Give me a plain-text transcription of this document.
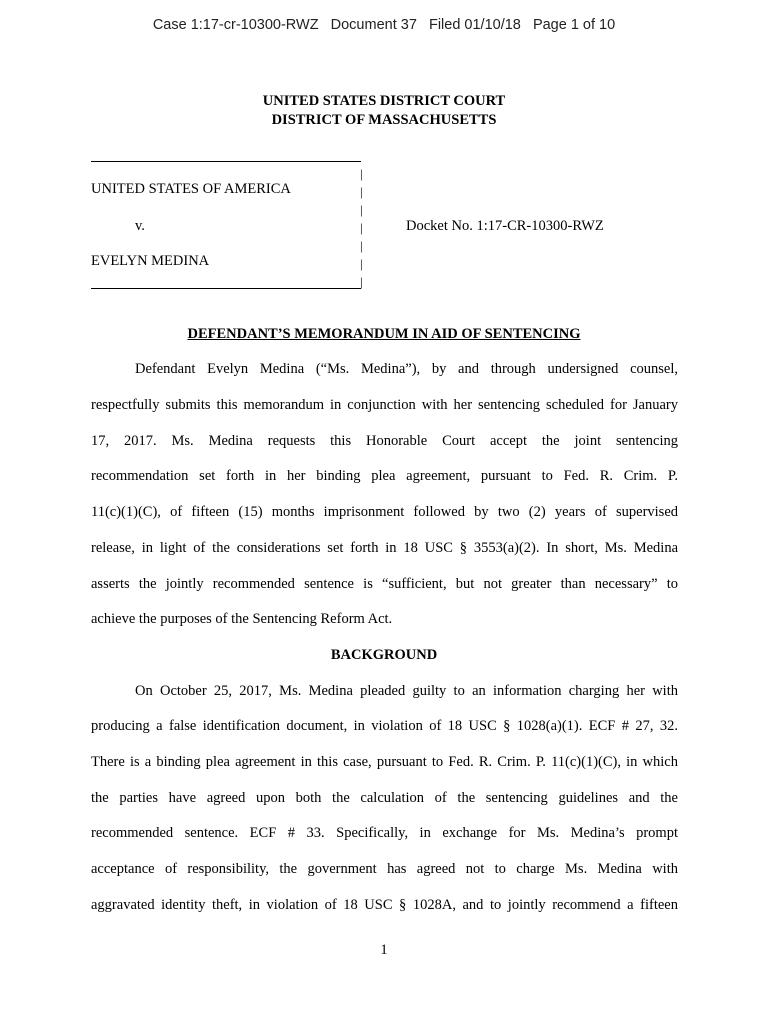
Case 1:17-cr-10300-RWZ   Document 37   Filed 01/10/18   Page 1 of 10
UNITED STATES DISTRICT COURT
DISTRICT OF MASSACHUSETTS
|
|
|
|
|
|
|
UNITED STATES OF AMERICA
v.
EVELYN MEDINA
Docket No. 1:17-CR-10300-RWZ
DEFENDANT’S MEMORANDUM IN AID OF SENTENCING
Defendant Evelyn Medina (“Ms. Medina”), by and through undersigned counsel,
respectfully submits this memorandum in conjunction with her sentencing scheduled for January
17, 2017. Ms. Medina requests this Honorable Court accept the joint sentencing
recommendation set forth in her binding plea agreement, pursuant to Fed. R. Crim. P.
11(c)(1)(C), of fifteen (15) months imprisonment followed by two (2) years of supervised
release, in light of the considerations set forth in 18 USC § 3553(a)(2). In short, Ms. Medina
asserts the jointly recommended sentence is “sufficient, but not greater than necessary” to
achieve the purposes of the Sentencing Reform Act.
BACKGROUND
On October 25, 2017, Ms. Medina pleaded guilty to an information charging her with
producing a false identification document, in violation of 18 USC § 1028(a)(1). ECF # 27, 32.
There is a binding plea agreement in this case, pursuant to Fed. R. Crim. P. 11(c)(1)(C), in which
the parties have agreed upon both the calculation of the sentencing guidelines and the
recommended sentence. ECF # 33. Specifically, in exchange for Ms. Medina’s prompt
acceptance of responsibility, the government has agreed not to charge Ms. Medina with
aggravated identity theft, in violation of 18 USC § 1028A, and to jointly recommend a fifteen
1
